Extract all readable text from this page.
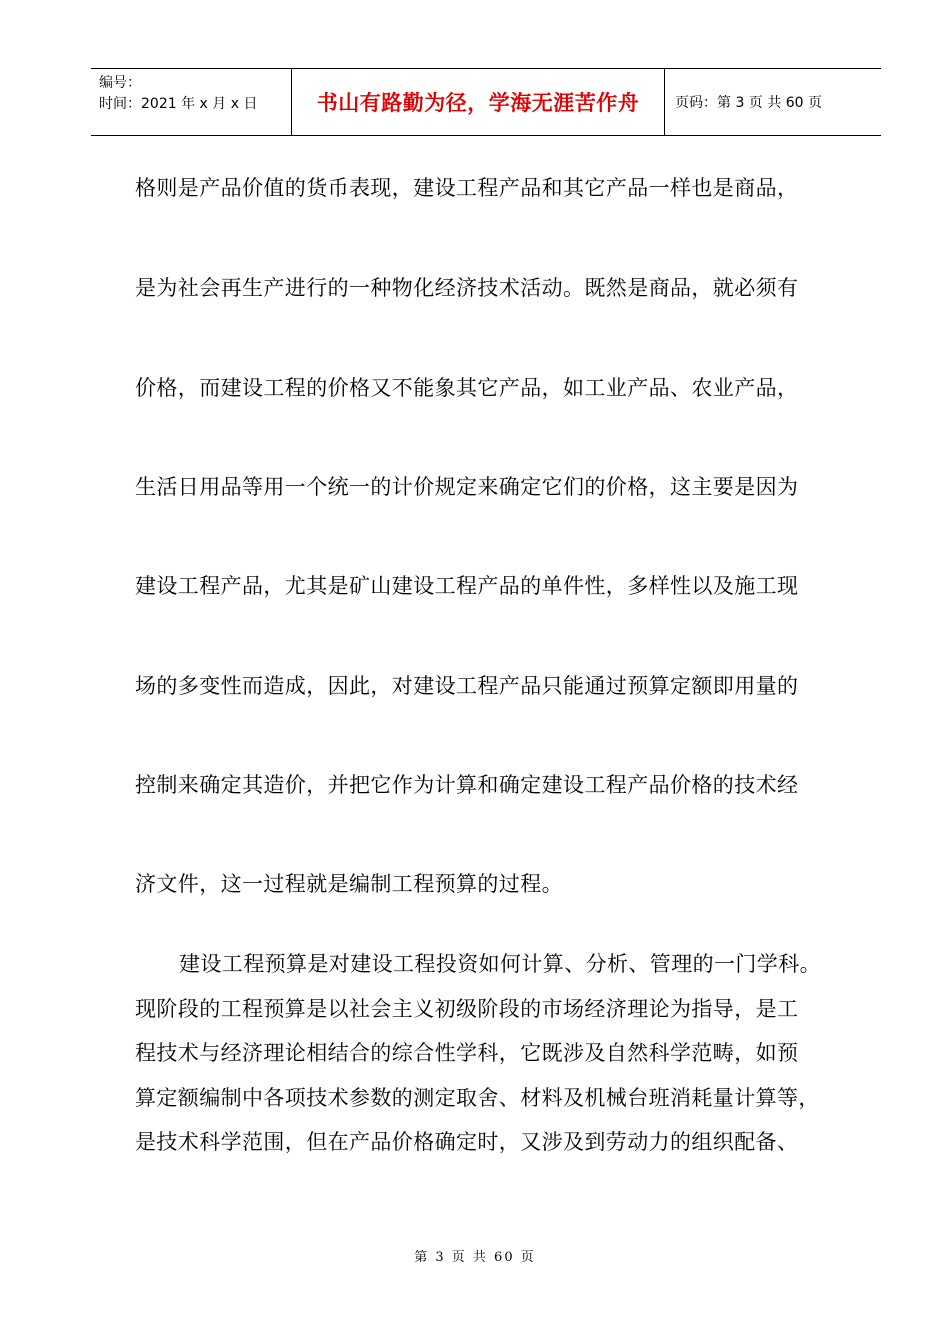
编号：
时间：2021 年 x 月 x 日	书山有路勤为径，学海无涯苦作舟	页码：第 3 页 共 60 页
格则是产品价值的货币表现，建设工程产品和其它产品一样也是商品，
是为社会再生产进行的一种物化经济技术活动。既然是商品，就必须有
价格，而建设工程的价格又不能象其它产品，如工业产品、农业产品，
生活日用品等用一个统一的计价规定来确定它们的价格，这主要是因为
建设工程产品，尤其是矿山建设工程产品的单件性，多样性以及施工现
场的多变性而造成，因此，对建设工程产品只能通过预算定额即用量的
控制来确定其造价，并把它作为计算和确定建设工程产品价格的技术经
济文件，这一过程就是编制工程预算的过程。
建设工程预算是对建设工程投资如何计算、分析、管理的一门学科。
现阶段的工程预算是以社会主义初级阶段的市场经济理论为指导，是工
程技术与经济理论相结合的综合性学科，它既涉及自然科学范畴，如预
算定额编制中各项技术参数的测定取舍、材料及机械台班消耗量计算等，
是技术科学范围，但在产品价格确定时，又涉及到劳动力的组织配备、
第 3 页 共 60 页
